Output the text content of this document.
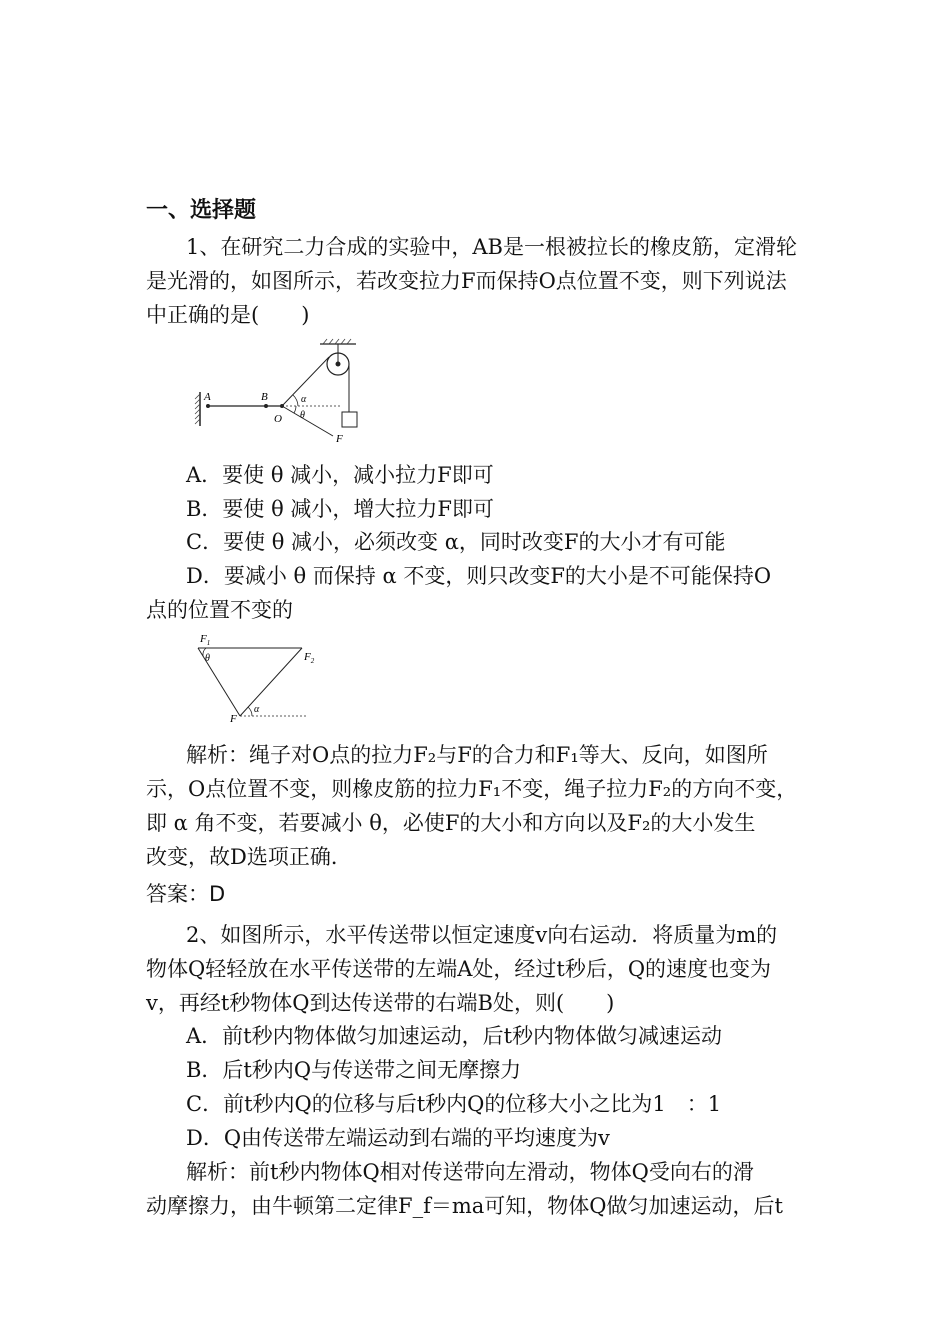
一、选择题
1、在研究二力合成的实验中，AB是一根被拉长的橡皮筋，定滑轮
是光滑的，如图所示，若改变拉力F而保持O点位置不变，则下列说法
中正确的是(　　)
A	B
O
α
θ
F
A．要使 θ 减小，减小拉力F即可
B．要使 θ 减小，增大拉力F即可
C．要使 θ 减小，必须改变 α，同时改变F的大小才有可能
D．要减小 θ 而保持 α 不变，则只改变F的大小是不可能保持O
点的位置不变的
$F_1$
θ	$F_2$
F
α
解析：绳子对O点的拉力F₂与F的合力和F₁等大、反向，如图所
示，O点位置不变，则橡皮筋的拉力F₁不变，绳子拉力F₂的方向不变，
即 α 角不变，若要减小 θ，必使F的大小和方向以及F₂的大小发生
改变，故D选项正确．
答案：D
2、如图所示，水平传送带以恒定速度v向右运动．将质量为m的
物体Q轻轻放在水平传送带的左端A处，经过t秒后，Q的速度也变为
v，再经t秒物体Q到达传送带的右端B处，则(　　)
A．前t秒内物体做匀加速运动，后t秒内物体做匀减速运动
B．后t秒内Q与传送带之间无摩擦力
C．前t秒内Q的位移与后t秒内Q的位移大小之比为1　：1
D．Q由传送带左端运动到右端的平均速度为v
解析：前t秒内物体Q相对传送带向左滑动，物体Q受向右的滑
动摩擦力，由牛顿第二定律F_f＝ma可知，物体Q做匀加速运动，后t
